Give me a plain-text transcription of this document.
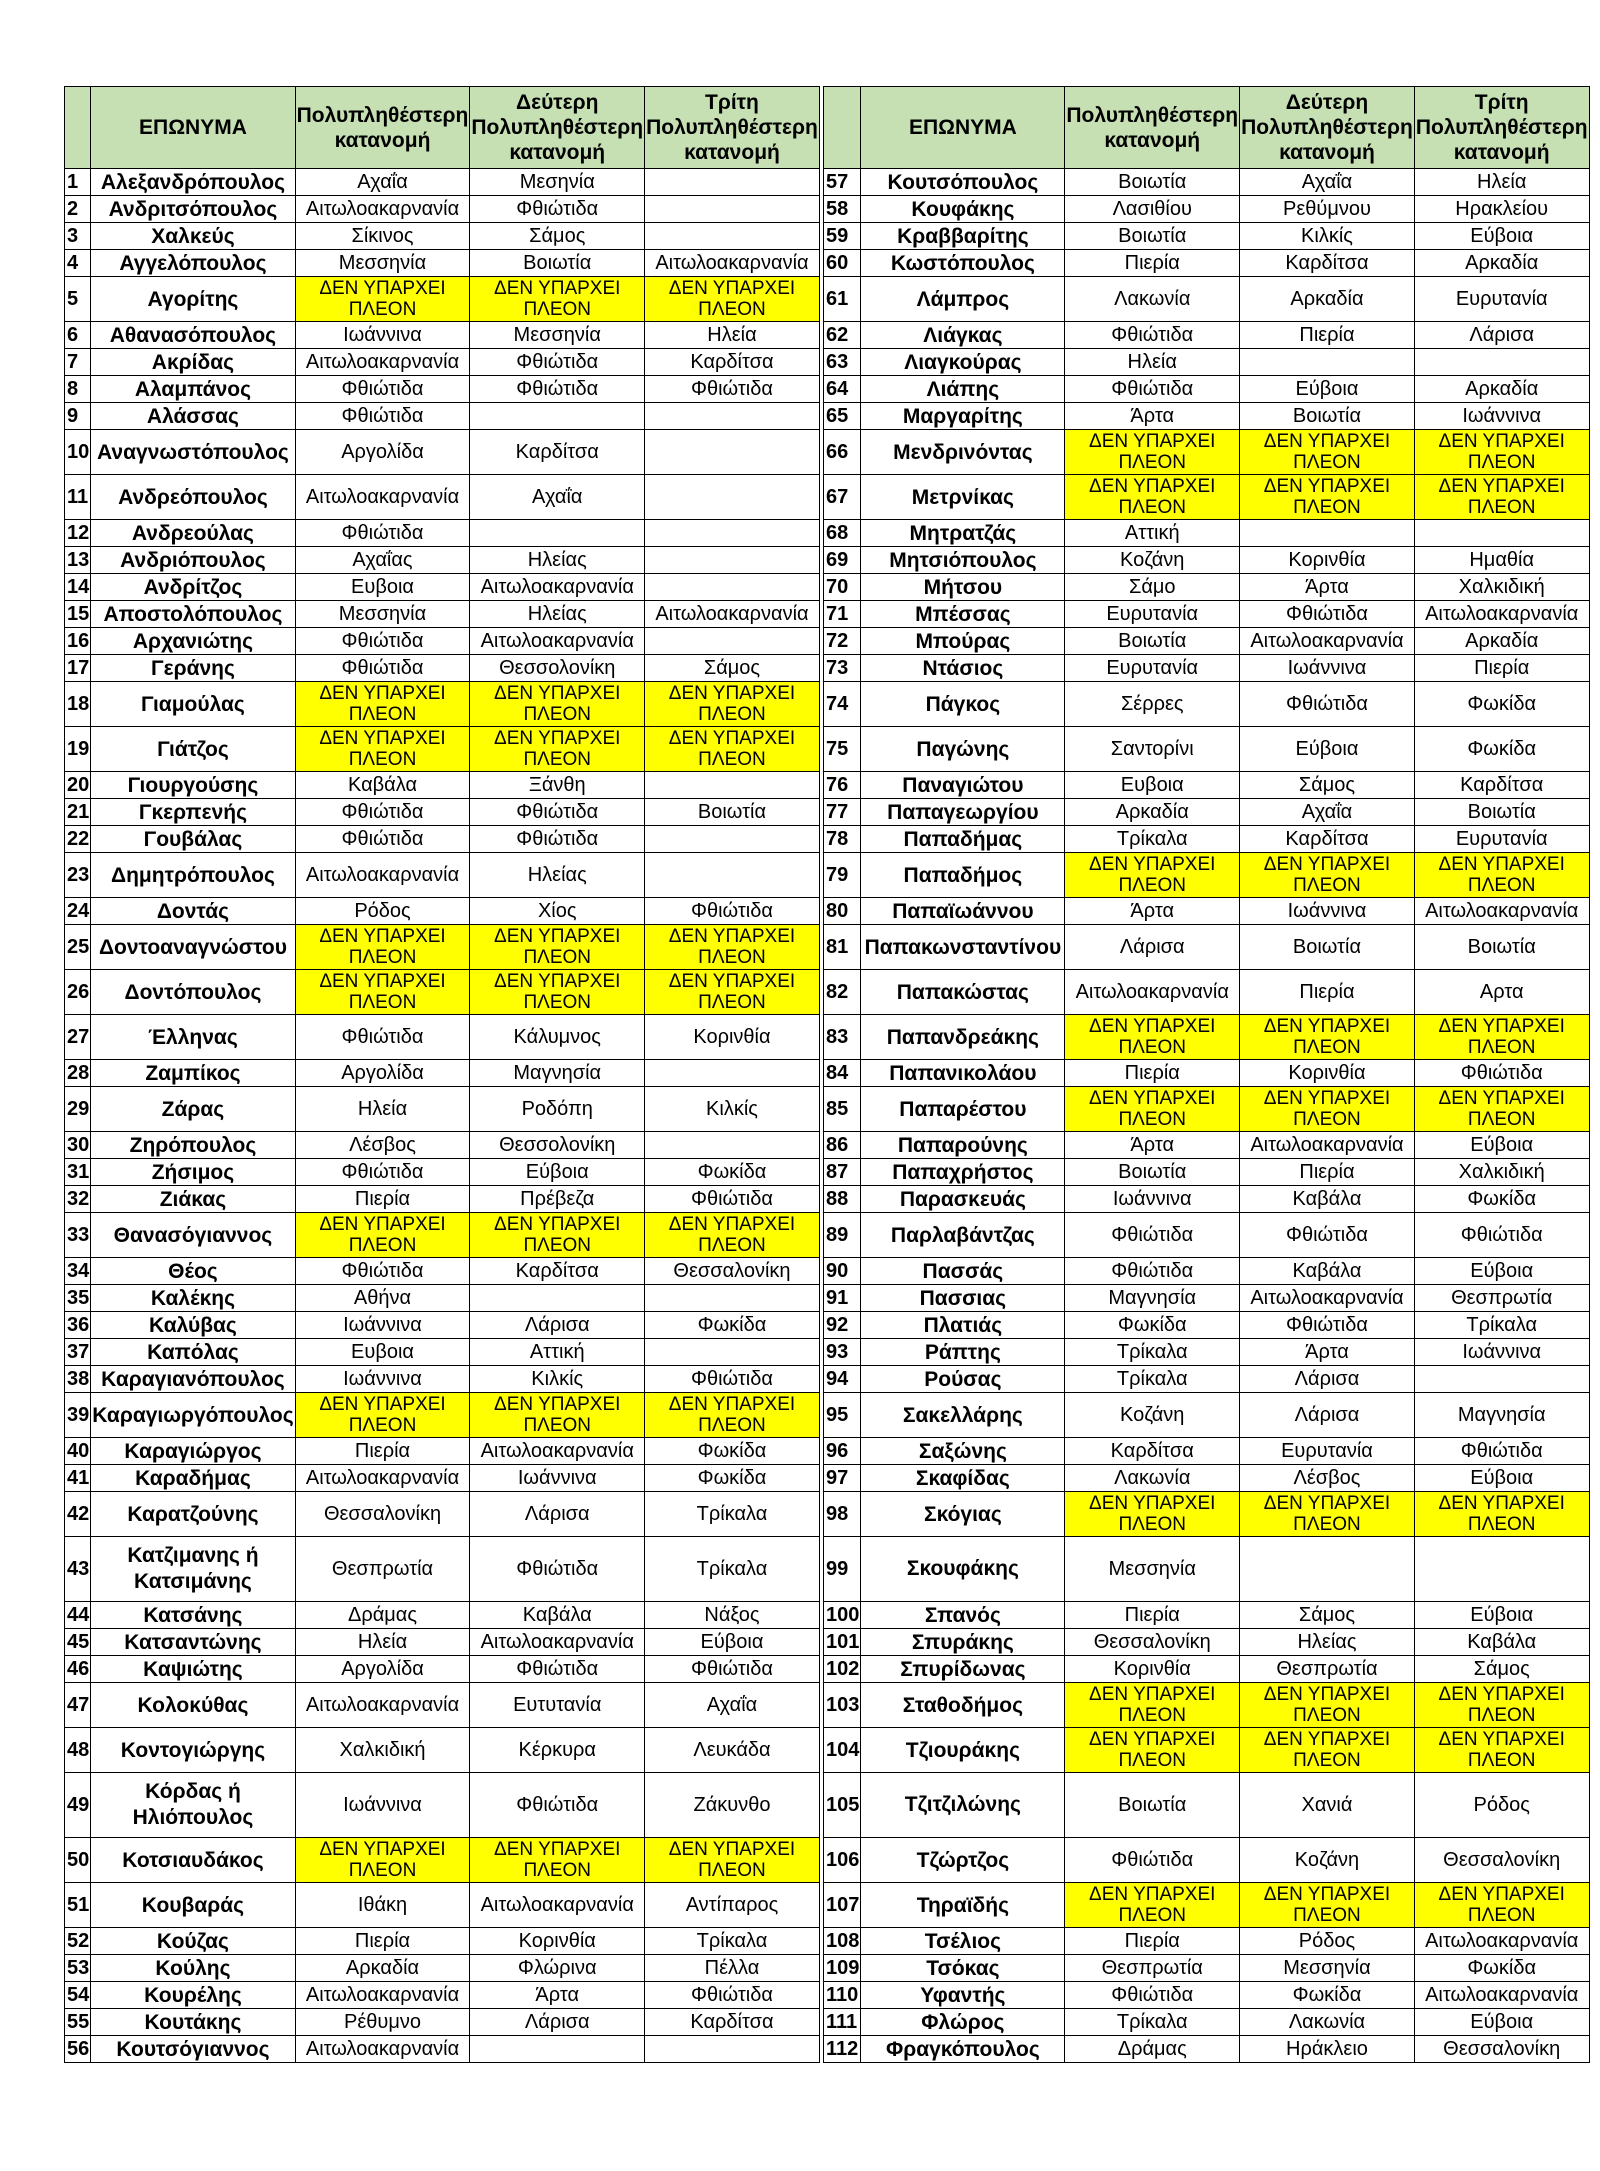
	ΕΠΩΝΥΜΑ	Πολυπληθέστερη κατανομή	Δεύτερη Πολυπληθέστερη κατανομή	Τρίτη Πολυπληθέστερη κατανομή
1	Αλεξανδρόπουλος	Αχαΐα	Μεσηνία	
2	Ανδριτσόπουλος	Αιτωλοακαρνανία	Φθιώτιδα	
3	Χαλκεύς	Σίκινος	Σάμος	
4	Αγγελόπουλος	Μεσσηνία	Βοιωτία	Αιτωλοακαρνανία
5	Αγορίτης	ΔΕΝ ΥΠΑΡΧΕΙ ΠΛΕΟΝ	ΔΕΝ ΥΠΑΡΧΕΙ ΠΛΕΟΝ	ΔΕΝ ΥΠΑΡΧΕΙ ΠΛΕΟΝ
6	Αθανασόπουλος	Ιωάννινα	Μεσσηνία	Ηλεία
7	Ακρίδας	Αιτωλοακαρνανία	Φθιώτιδα	Καρδίτσα
8	Αλαμπάνος	Φθιώτιδα	Φθιώτιδα	Φθιώτιδα
9	Αλάσσας	Φθιώτιδα		
10	Αναγνωστόπουλος	Αργολίδα	Καρδίτσα	
11	Ανδρεόπουλος	Αιτωλοακαρνανία	Αχαΐα	
12	Ανδρεούλας	Φθιώτιδα		
13	Ανδριόπουλος	Αχαΐας	Ηλείας	
14	Ανδρίτζος	Ευβοια	Αιτωλοακαρνανία	
15	Αποστολόπουλος	Μεσσηνία	Ηλείας	Αιτωλοακαρνανία
16	Αρχανιώτης	Φθιώτιδα	Αιτωλοακαρνανία	
17	Γεράνης	Φθιώτιδα	Θεσσολονίκη	Σάμος
18	Γιαμούλας	ΔΕΝ ΥΠΑΡΧΕΙ ΠΛΕΟΝ	ΔΕΝ ΥΠΑΡΧΕΙ ΠΛΕΟΝ	ΔΕΝ ΥΠΑΡΧΕΙ ΠΛΕΟΝ
19	Γιάτζος	ΔΕΝ ΥΠΑΡΧΕΙ ΠΛΕΟΝ	ΔΕΝ ΥΠΑΡΧΕΙ ΠΛΕΟΝ	ΔΕΝ ΥΠΑΡΧΕΙ ΠΛΕΟΝ
20	Γιουργούσης	Καβάλα	Ξάνθη	
21	Γκερπενής	Φθιώτιδα	Φθιώτιδα	Βοιωτία
22	Γουβάλας	Φθιώτιδα	Φθιώτιδα	
23	Δημητρόπουλος	Αιτωλοακαρνανία	Ηλείας	
24	Δοντάς	Ρόδος	Χίος	Φθιώτιδα
25	Δοντοαναγνώστου	ΔΕΝ ΥΠΑΡΧΕΙ ΠΛΕΟΝ	ΔΕΝ ΥΠΑΡΧΕΙ ΠΛΕΟΝ	ΔΕΝ ΥΠΑΡΧΕΙ ΠΛΕΟΝ
26	Δοντόπουλος	ΔΕΝ ΥΠΑΡΧΕΙ ΠΛΕΟΝ	ΔΕΝ ΥΠΑΡΧΕΙ ΠΛΕΟΝ	ΔΕΝ ΥΠΑΡΧΕΙ ΠΛΕΟΝ
27	Έλληνας	Φθιώτιδα	Κάλυμνος	Κορινθία
28	Ζαμπίκος	Αργολίδα	Μαγνησία	
29	Ζάρας	Ηλεία	Ροδόπη	Κιλκίς
30	Ζηρόπουλος	Λέσβος	Θεσσολονίκη	
31	Ζήσιμος	Φθιώτιδα	Εύβοια	Φωκίδα
32	Ζιάκας	Πιερία	Πρέβεζα	Φθιώτιδα
33	Θανασόγιαννος	ΔΕΝ ΥΠΑΡΧΕΙ ΠΛΕΟΝ	ΔΕΝ ΥΠΑΡΧΕΙ ΠΛΕΟΝ	ΔΕΝ ΥΠΑΡΧΕΙ ΠΛΕΟΝ
34	Θέος	Φθιώτιδα	Καρδίτσα	Θεσσαλονίκη
35	Καλέκης	Αθήνα		
36	Καλύβας	Ιωάννινα	Λάρισα	Φωκίδα
37	Καπόλας	Ευβοια	Αττική	
38	Καραγιανόπουλος	Ιωάννινα	Κιλκίς	Φθιώτιδα
39	Καραγιωργόπουλος	ΔΕΝ ΥΠΑΡΧΕΙ ΠΛΕΟΝ	ΔΕΝ ΥΠΑΡΧΕΙ ΠΛΕΟΝ	ΔΕΝ ΥΠΑΡΧΕΙ ΠΛΕΟΝ
40	Καραγιώργος	Πιερία	Αιτωλοακαρνανία	Φωκίδα
41	Καραδήμας	Αιτωλοακαρνανία	Ιωάννινα	Φωκίδα
42	Καρατζούνης	Θεσσαλονίκη	Λάρισα	Τρίκαλα
43	Κατζιμανης ή Κατσιμάνης	Θεσπρωτία	Φθιώτιδα	Τρίκαλα
44	Κατσάνης	Δράμας	Καβάλα	Νάξος
45	Κατσαντώνης	Ηλεία	Αιτωλοακαρνανία	Εύβοια
46	Καψιώτης	Αργολίδα	Φθιώτιδα	Φθιώτιδα
47	Κολοκύθας	Αιτωλοακαρνανία	Ευτυτανία	Αχαΐα
48	Κοντογιώργης	Χαλκιδική	Κέρκυρα	Λευκάδα
49	Κόρδας ή Ηλιόπουλος	Ιωάννινα	Φθιώτιδα	Ζάκυνθο
50	Κοτσιαυδάκος	ΔΕΝ ΥΠΑΡΧΕΙ ΠΛΕΟΝ	ΔΕΝ ΥΠΑΡΧΕΙ ΠΛΕΟΝ	ΔΕΝ ΥΠΑΡΧΕΙ ΠΛΕΟΝ
51	Κουβαράς	Ιθάκη	Αιτωλοακαρνανία	Αντίπαρος
52	Κούζας	Πιερία	Κορινθία	Τρίκαλα
53	Κούλης	Αρκαδία	Φλώρινα	Πέλλα
54	Κουρέλης	Αιτωλοακαρνανία	Άρτα	Φθιώτιδα
55	Κουτάκης	Ρέθυμνο	Λάρισα	Καρδίτσα
56	Κουτσόγιαννος	Αιτωλοακαρνανία		
	ΕΠΩΝΥΜΑ	Πολυπληθέστερη κατανομή	Δεύτερη Πολυπληθέστερη κατανομή	Τρίτη Πολυπληθέστερη κατανομή
57	Κουτσόπουλος	Βοιωτία	Αχαΐα	Ηλεία
58	Κουφάκης	Λασιθίου	Ρεθύμνου	Ηρακλείου
59	Κραββαρίτης	Βοιωτία	Κιλκίς	Εύβοια
60	Κωστόπουλος	Πιερία	Καρδίτσα	Αρκαδία
61	Λάμπρος	Λακωνία	Αρκαδία	Ευρυτανία
62	Λιάγκας	Φθιώτιδα	Πιερία	Λάρισα
63	Λιαγκούρας	Ηλεία		
64	Λιάπης	Φθιώτιδα	Εύβοια	Αρκαδία
65	Μαργαρίτης	Άρτα	Βοιωτία	Ιωάννινα
66	Μενδρινόντας	ΔΕΝ ΥΠΑΡΧΕΙ ΠΛΕΟΝ	ΔΕΝ ΥΠΑΡΧΕΙ ΠΛΕΟΝ	ΔΕΝ ΥΠΑΡΧΕΙ ΠΛΕΟΝ
67	Μετρνίκας	ΔΕΝ ΥΠΑΡΧΕΙ ΠΛΕΟΝ	ΔΕΝ ΥΠΑΡΧΕΙ ΠΛΕΟΝ	ΔΕΝ ΥΠΑΡΧΕΙ ΠΛΕΟΝ
68	Μητρατζάς	Αττική		
69	Μητσιόπουλος	Κοζάνη	Κορινθία	Ημαθία
70	Μήτσου	Σάμο	Άρτα	Χαλκιδική
71	Μπέσσας	Ευρυτανία	Φθιώτιδα	Αιτωλοακαρνανία
72	Μπούρας	Βοιωτία	Αιτωλοακαρνανία	Αρκαδία
73	Ντάσιος	Ευρυτανία	Ιωάννινα	Πιερία
74	Πάγκος	Σέρρες	Φθιώτιδα	Φωκίδα
75	Παγώνης	Σαντορίνι	Εύβοια	Φωκίδα
76	Παναγιώτου	Ευβοια	Σάμος	Καρδίτσα
77	Παπαγεωργίου	Αρκαδία	Αχαΐα	Βοιωτία
78	Παπαδήμας	Τρίκαλα	Καρδίτσα	Ευρυτανία
79	Παπαδήμος	ΔΕΝ ΥΠΑΡΧΕΙ ΠΛΕΟΝ	ΔΕΝ ΥΠΑΡΧΕΙ ΠΛΕΟΝ	ΔΕΝ ΥΠΑΡΧΕΙ ΠΛΕΟΝ
80	Παπαϊωάννου	Άρτα	Ιωάννινα	Αιτωλοακαρνανία
81	Παπακωνσταντίνου	Λάρισα	Βοιωτία	Βοιωτία
82	Παπακώστας	Αιτωλοακαρνανία	Πιερία	Αρτα
83	Παπανδρεάκης	ΔΕΝ ΥΠΑΡΧΕΙ ΠΛΕΟΝ	ΔΕΝ ΥΠΑΡΧΕΙ ΠΛΕΟΝ	ΔΕΝ ΥΠΑΡΧΕΙ ΠΛΕΟΝ
84	Παπανικολάου	Πιερία	Κορινθία	Φθιώτιδα
85	Παπαρέστου	ΔΕΝ ΥΠΑΡΧΕΙ ΠΛΕΟΝ	ΔΕΝ ΥΠΑΡΧΕΙ ΠΛΕΟΝ	ΔΕΝ ΥΠΑΡΧΕΙ ΠΛΕΟΝ
86	Παπαρούνης	Άρτα	Αιτωλοακαρνανία	Εύβοια
87	Παπαχρήστος	Βοιωτία	Πιερία	Χαλκιδική
88	Παρασκευάς	Ιωάννινα	Καβάλα	Φωκίδα
89	Παρλαβάντζας	Φθιώτιδα	Φθιώτιδα	Φθιώτιδα
90	Πασσάς	Φθιώτιδα	Καβάλα	Εύβοια
91	Πασσιας	Μαγνησία	Αιτωλοακαρνανία	Θεσπρωτία
92	Πλατιάς	Φωκίδα	Φθιώτιδα	Τρίκαλα
93	Ράπτης	Τρίκαλα	Άρτα	Ιωάννινα
94	Ρούσας	Τρίκαλα	Λάρισα	
95	Σακελλάρης	Κοζάνη	Λάρισα	Μαγνησία
96	Σαξώνης	Καρδίτσα	Ευρυτανία	Φθιώτιδα
97	Σκαφίδας	Λακωνία	Λέσβος	Εύβοια
98	Σκόγιας	ΔΕΝ ΥΠΑΡΧΕΙ ΠΛΕΟΝ	ΔΕΝ ΥΠΑΡΧΕΙ ΠΛΕΟΝ	ΔΕΝ ΥΠΑΡΧΕΙ ΠΛΕΟΝ
99	Σκουφάκης	Μεσσηνία		
100	Σπανός	Πιερία	Σάμος	Εύβοια
101	Σπυράκης	Θεσσαλονίκη	Ηλείας	Καβάλα
102	Σπυρίδωνας	Κορινθία	Θεσπρωτία	Σάμος
103	Σταθοδήμος	ΔΕΝ ΥΠΑΡΧΕΙ ΠΛΕΟΝ	ΔΕΝ ΥΠΑΡΧΕΙ ΠΛΕΟΝ	ΔΕΝ ΥΠΑΡΧΕΙ ΠΛΕΟΝ
104	Τζιουράκης	ΔΕΝ ΥΠΑΡΧΕΙ ΠΛΕΟΝ	ΔΕΝ ΥΠΑΡΧΕΙ ΠΛΕΟΝ	ΔΕΝ ΥΠΑΡΧΕΙ ΠΛΕΟΝ
105	Τζιτζιλώνης	Βοιωτία	Χανιά	Ρόδος
106	Τζώρτζος	Φθιώτιδα	Κοζάνη	Θεσσαλονίκη
107	Τηραϊδής	ΔΕΝ ΥΠΑΡΧΕΙ ΠΛΕΟΝ	ΔΕΝ ΥΠΑΡΧΕΙ ΠΛΕΟΝ	ΔΕΝ ΥΠΑΡΧΕΙ ΠΛΕΟΝ
108	Τσέλιος	Πιερία	Ρόδος	Αιτωλοακαρνανία
109	Τσόκας	Θεσπρωτία	Μεσσηνία	Φωκίδα
110	Υφαντής	Φθιώτιδα	Φωκίδα	Αιτωλοακαρνανία
111	Φλώρος	Τρίκαλα	Λακωνία	Εύβοια
112	Φραγκόπουλος	Δράμας	Ηράκλειο	Θεσσαλονίκη
